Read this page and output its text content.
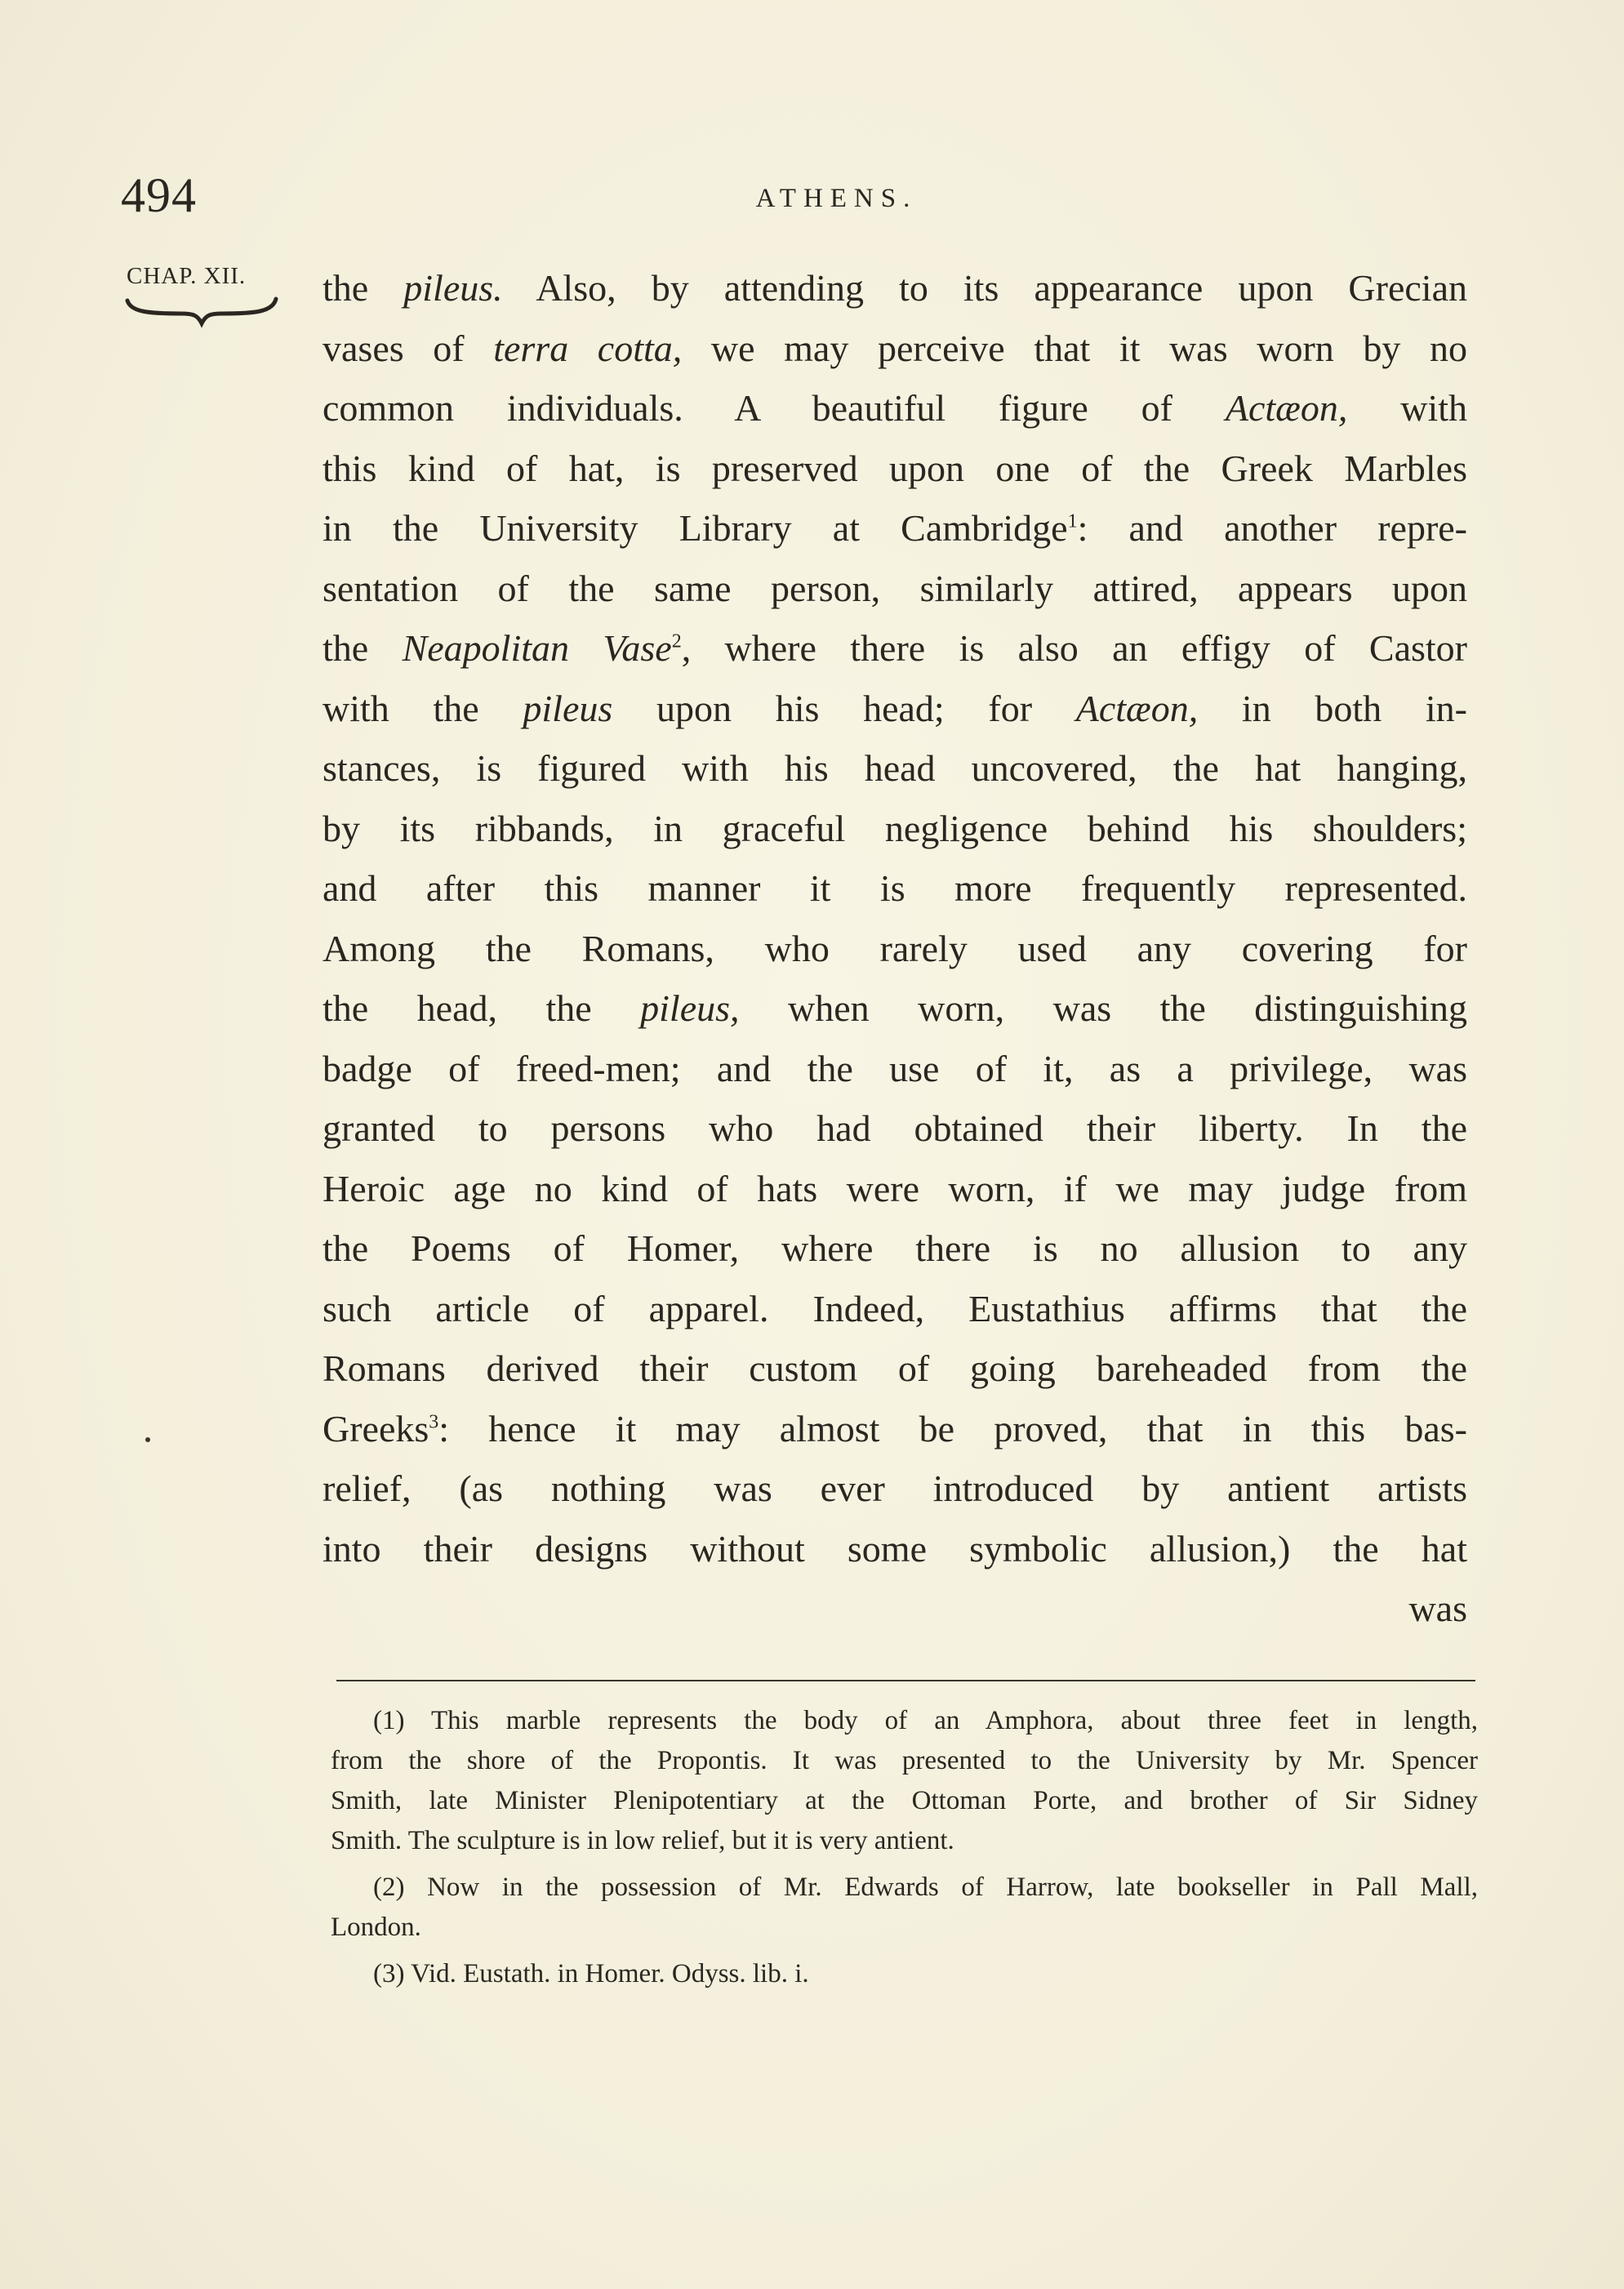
494	ATHENS.
CHAP. XII. the pileus. Also, by attending to its appearance upon Grecian
vases of terra cotta, we may perceive that it was worn by no
common individuals. A beautiful figure of Actæon, with
this kind of hat, is preserved upon one of the Greek Marbles
in the University Library at Cambridge$^1$: and another repre-
sentation of the same person, similarly attired, appears upon
the Neapolitan Vase$^2$, where there is also an effigy of Castor
with the pileus upon his head; for Actæon, in both in-
stances, is figured with his head uncovered, the hat hanging,
by its ribbands, in graceful negligence behind his shoulders;
and after this manner it is more frequently represented.
Among the Romans, who rarely used any covering for
the head, the pileus, when worn, was the distinguishing
badge of freed-men; and the use of it, as a privilege, was
granted to persons who had obtained their liberty. In the
Heroic age no kind of hats were worn, if we may judge from
the Poems of Homer, where there is no allusion to any
such article of apparel. Indeed, Eustathius affirms that the
Romans derived their custom of going bareheaded from the
Greeks$^3$: hence it may almost be proved, that in this bas-
relief, (as nothing was ever introduced by antient artists
into their designs without some symbolic allusion,) the hat
was
(1) This marble represents the body of an Amphora, about three feet in length,
from the shore of the Propontis. It was presented to the University by Mr. Spencer
Smith, late Minister Plenipotentiary at the Ottoman Porte, and brother of Sir Sidney
Smith. The sculpture is in low relief, but it is very antient.
(2) Now in the possession of Mr. Edwards of Harrow, late bookseller in Pall Mall,
London.
(3) Vid. Eustath. in Homer. Odyss. lib. i.
